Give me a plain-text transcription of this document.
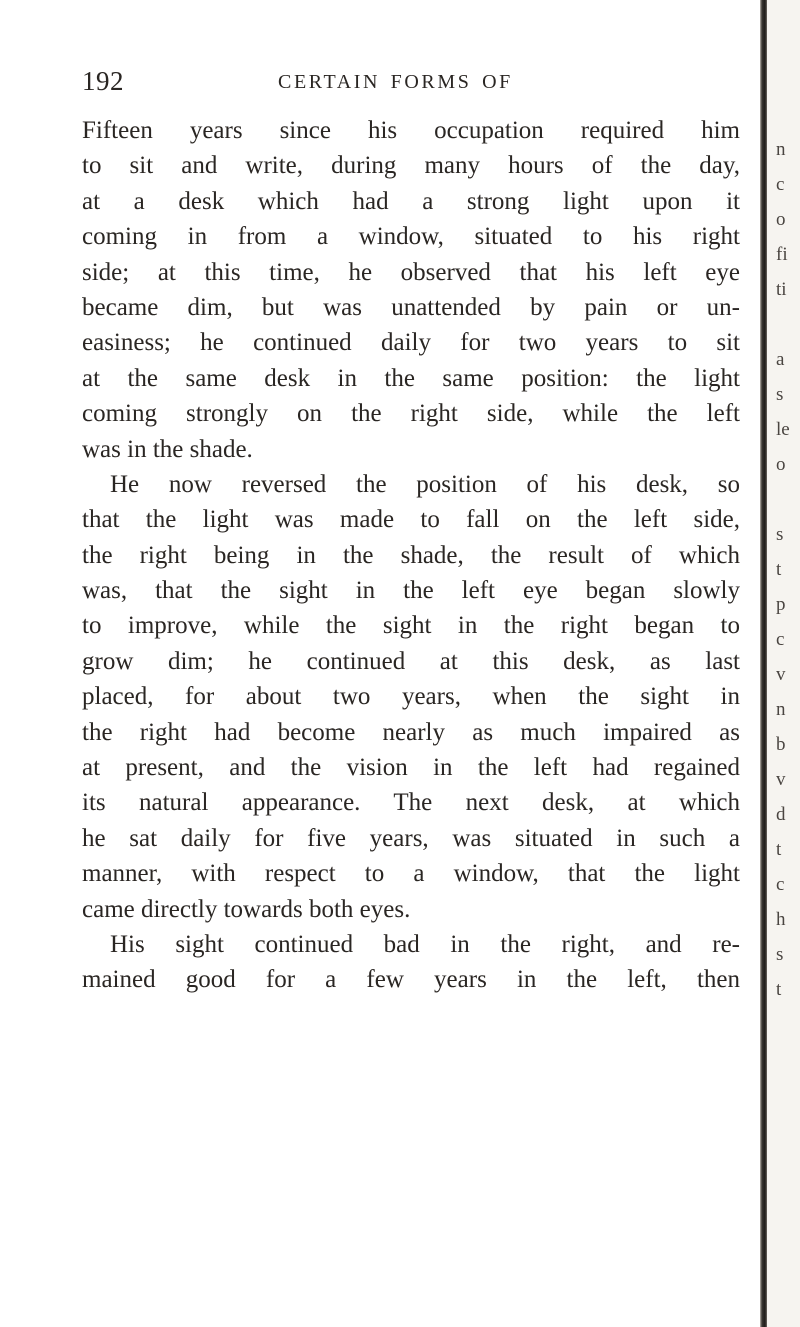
192	CERTAIN FORMS OF
Fifteen years since his occupation required him
to sit and write, during many hours of the day,
at a desk which had a strong light upon it
coming in from a window, situated to his right
side; at this time, he observed that his left eye
became dim, but was unattended by pain or un-
easiness; he continued daily for two years to sit
at the same desk in the same position: the light
coming strongly on the right side, while the left
was in the shade.
He now reversed the position of his desk, so
that the light was made to fall on the left side,
the right being in the shade, the result of which
was, that the sight in the left eye began slowly
to improve, while the sight in the right began to
grow dim; he continued at this desk, as last
placed, for about two years, when the sight in
the right had become nearly as much impaired as
at present, and the vision in the left had regained
its natural appearance. The next desk, at which
he sat daily for five years, was situated in such a
manner, with respect to a window, that the light
came directly towards both eyes.
His sight continued bad in the right, and re-
mained good for a few years in the left, then
n
c
o
fi
ti
a
s
le
o
s
t
p
c
v
n
b
v
d
t
c
h
s
t
